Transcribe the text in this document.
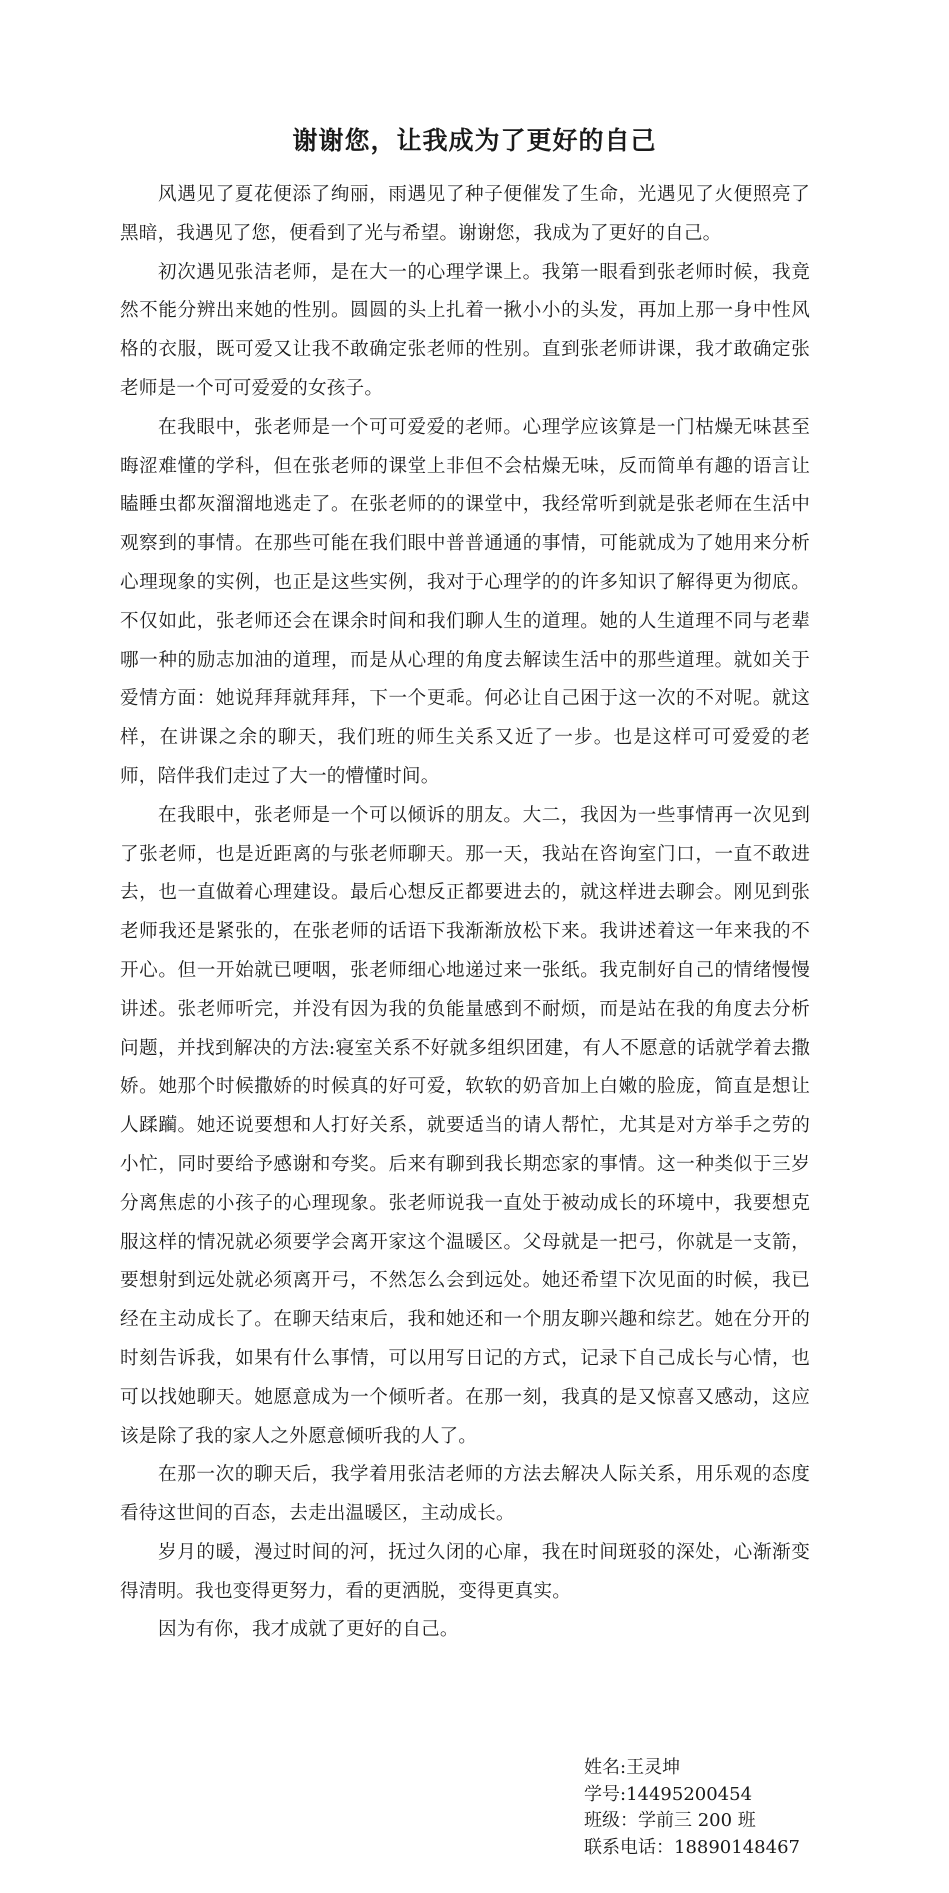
谢谢您，让我成为了更好的自己

风遇见了夏花便添了绚丽，雨遇见了种子便催发了生命，光遇见了火便照亮了黑暗，我遇见了您，便看到了光与希望。谢谢您，我成为了更好的自己。

初次遇见张洁老师，是在大一的心理学课上。我第一眼看到张老师时候，我竟然不能分辨出来她的性别。圆圆的头上扎着一揪小小的头发，再加上那一身中性风格的衣服，既可爱又让我不敢确定张老师的性别。直到张老师讲课，我才敢确定张老师是一个可可爱爱的女孩子。

在我眼中，张老师是一个可可爱爱的老师。心理学应该算是一门枯燥无味甚至晦涩难懂的学科，但在张老师的课堂上非但不会枯燥无味，反而简单有趣的语言让瞌睡虫都灰溜溜地逃走了。在张老师的的课堂中，我经常听到就是张老师在生活中观察到的事情。在那些可能在我们眼中普普通通的事情，可能就成为了她用来分析心理现象的实例，也正是这些实例，我对于心理学的的许多知识了解得更为彻底。不仅如此，张老师还会在课余时间和我们聊人生的道理。她的人生道理不同与老辈哪一种的励志加油的道理，而是从心理的角度去解读生活中的那些道理。就如关于爱情方面：她说拜拜就拜拜，下一个更乖。何必让自己困于这一次的不对呢。就这样，在讲课之余的聊天，我们班的师生关系又近了一步。也是这样可可爱爱的老师，陪伴我们走过了大一的懵懂时间。

在我眼中，张老师是一个可以倾诉的朋友。大二，我因为一些事情再一次见到了张老师，也是近距离的与张老师聊天。那一天，我站在咨询室门口，一直不敢进去，也一直做着心理建设。最后心想反正都要进去的，就这样进去聊会。刚见到张老师我还是紧张的，在张老师的话语下我渐渐放松下来。我讲述着这一年来我的不开心。但一开始就已哽咽，张老师细心地递过来一张纸。我克制好自己的情绪慢慢讲述。张老师听完，并没有因为我的负能量感到不耐烦，而是站在我的角度去分析问题，并找到解决的方法:寝室关系不好就多组织团建，有人不愿意的话就学着去撒娇。她那个时候撒娇的时候真的好可爱，软软的奶音加上白嫩的脸庞，简直是想让人蹂躏。她还说要想和人打好关系，就要适当的请人帮忙，尤其是对方举手之劳的小忙，同时要给予感谢和夸奖。后来有聊到我长期恋家的事情。这一种类似于三岁分离焦虑的小孩子的心理现象。张老师说我一直处于被动成长的环境中，我要想克服这样的情况就必须要学会离开家这个温暖区。父母就是一把弓，你就是一支箭，要想射到远处就必须离开弓，不然怎么会到远处。她还希望下次见面的时候，我已经在主动成长了。在聊天结束后，我和她还和一个朋友聊兴趣和综艺。她在分开的时刻告诉我，如果有什么事情，可以用写日记的方式，记录下自己成长与心情，也可以找她聊天。她愿意成为一个倾听者。在那一刻，我真的是又惊喜又感动，这应该是除了我的家人之外愿意倾听我的人了。

在那一次的聊天后，我学着用张洁老师的方法去解决人际关系，用乐观的态度看待这世间的百态，去走出温暖区，主动成长。

岁月的暖，漫过时间的河，抚过久闭的心扉，我在时间斑驳的深处，心渐渐变得清明。我也变得更努力，看的更洒脱，变得更真实。

因为有你，我才成就了更好的自己。

姓名:王灵坤
学号:14495200454
班级：学前三 200 班
联系电话：18890148467
